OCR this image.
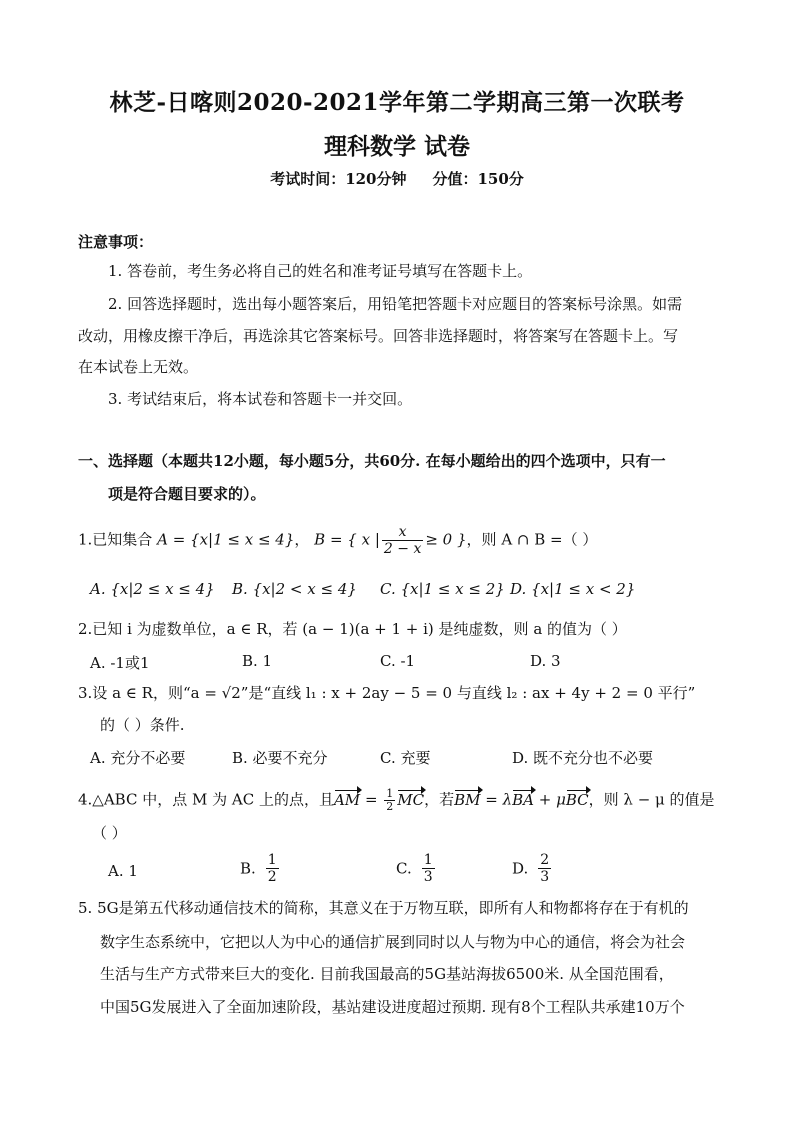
林芝-日喀则2020-2021学年第二学期高三第一次联考
理科数学 试卷
考试时间：120分钟 分值：150分
注意事项：
1. 答卷前，考生务必将自己的姓名和准考证号填写在答题卡上。
2. 回答选择题时，选出每小题答案后，用铅笔把答题卡对应题目的答案标号涂黑。如需
改动，用橡皮擦干净后，再选涂其它答案标号。回答非选择题时，将答案写在答题卡上。写
在本试卷上无效。
3. 考试结束后，将本试卷和答题卡一并交回。
一、选择题（本题共12小题，每小题5分，共60分. 在每小题给出的四个选项中，只有一
项是符合题目要求的）。
1.已知集合 A = {x|1 ≤ x ≤ 4}， B = { x | $\frac{x}{2 - x} \ge 0$ }，则 A ∩ B =（ ）
A. {x|2 ≤ x ≤ 4} B. {x|2 < x ≤ 4} C. {x|1 ≤ x ≤ 2} D. {x|1 ≤ x < 2}
2.已知 i 为虚数单位，a ∈ R，若 (a − 1)(a + 1 + i) 是纯虚数，则 a 的值为（ ）
A. -1或1	B. 1	C. -1	D. 3
3.设 a ∈ R，则“a = √2”是“直线 l₁ : x + 2ay − 5 = 0 与直线 l₂ : ax + 4y + 2 = 0 平行”
的（ ）条件.
A. 充分不必要	B. 必要不充分	C. 充要	D. 既不充分也不必要
4.△ABC 中，点 M 为 AC 上的点，且AM = $\frac{1}{2}$ MC，若BM = λBA + μBC，则 λ − μ 的值是
（ ）
A. 1	B. $\frac{1}{2}$	C. $\frac{1}{3}$	D. $\frac{2}{3}$
5. 5G是第五代移动通信技术的简称，其意义在于万物互联，即所有人和物都将存在于有机的
数字生态系统中，它把以人为中心的通信扩展到同时以人与物为中心的通信，将会为社会
生活与生产方式带来巨大的变化. 目前我国最高的5G基站海拔6500米. 从全国范围看，
中国5G发展进入了全面加速阶段，基站建设进度超过预期. 现有8个工程队共承建10万个
